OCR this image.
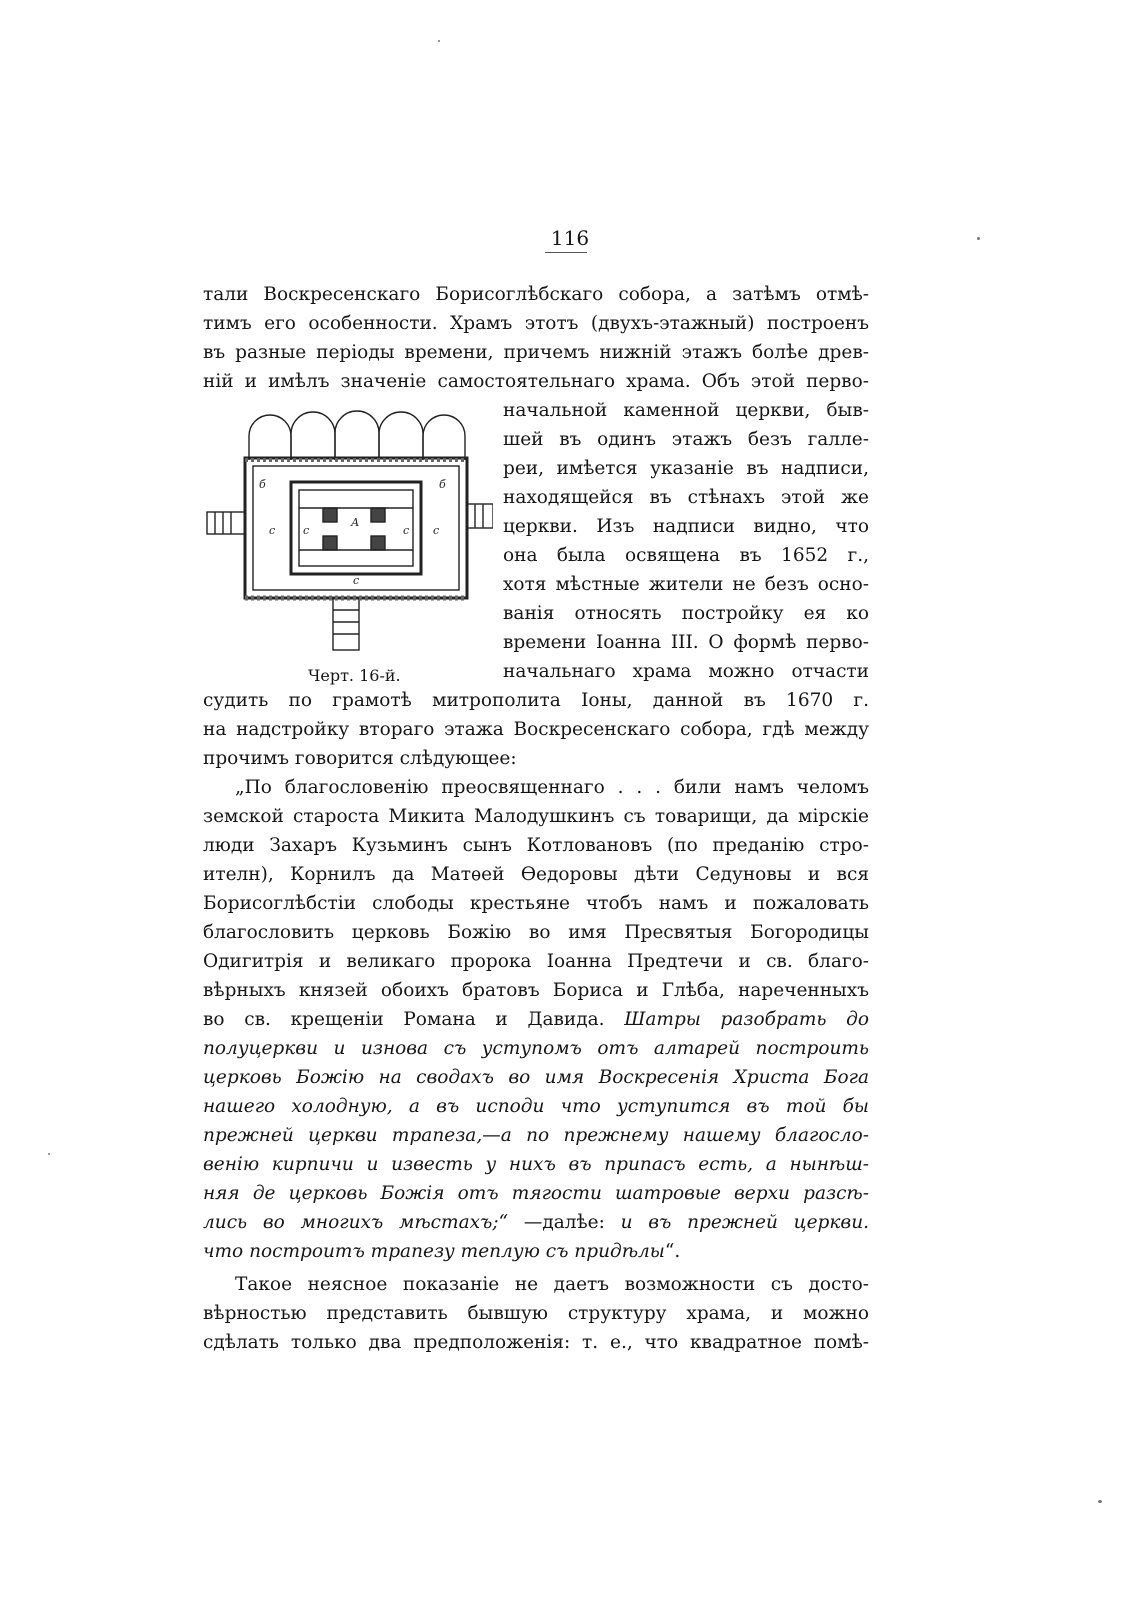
116
б	б
с	с
с	с
А
с
Черт. 16-й.
тали Воскресенскаго Борисоглѣбскаго собора, а затѣмъ отмѣ-
тимъ его особенности. Храмъ этотъ (двухъ-этажный) построенъ
въ разные періоды времени, причемъ нижній этажъ болѣе древ-
ній и имѣлъ значеніе самостоятельнаго храма. Объ этой перво-
начальной каменной церкви, быв-
шей въ одинъ этажъ безъ галле-
реи, имѣется указаніе въ надписи,
находящейся въ стѣнахъ этой же
церкви. Изъ надписи видно, что
она была освящена въ 1652 г.,
хотя мѣстные жители не безъ осно-
ванія относять постройку ея ко
времени Іоанна III. О формѣ перво-
начальнаго храма можно отчасти
судить по грамотѣ митрополита Іоны, данной въ 1670 г.
на надстройку втораго этажа Воскресенскаго собора, гдѣ между
прочимъ говорится слѣдующее:
„По благословенію преосвященнаго . . . били намъ челомъ
земской староста Микита Малодушкинъ съ товарищи, да мірскіе
люди Захаръ Кузьминъ сынъ Котловановъ (по преданію стро-
ителн), Корнилъ да Матѳей Ѳедоровы дѣти Седуновы и вся
Борисоглѣбстіи слободы крестьяне чтобъ намъ и пожаловать
благословить церковь Божію во имя Пресвятыя Богородицы
Одигитрія и великаго пророка Іоанна Предтечи и св. благо-
вѣрныхъ князей обоихъ братовъ Бориса и Глѣба, нареченныхъ
во св. крещеніи Романа и Давида. Шатры разобрать до
полуцеркви и изнова съ уступомъ отъ алтарей построить
церковь Божію на сводахъ во имя Воскресенія Христа Бога
нашего холодную, а въ исподи что уступится въ той бы
прежней церкви трапеза,—а по прежнему нашему благосло-
венію кирпичи и известь у нихъ въ припасъ есть, а нынѣш-
няя де церковь Божія отъ тягости шатровые верхи разсѣ-
лись во многихъ мѣстахъ;“ —далѣе: и въ прежней церкви.
что построитъ трапезу теплую съ придѣлы“.
Такое неясное показаніе не даетъ возможности съ досто-
вѣрностью представить бывшую структуру храма, и можно
сдѣлать только два предположенія: т. е., что квадратное помѣ-
